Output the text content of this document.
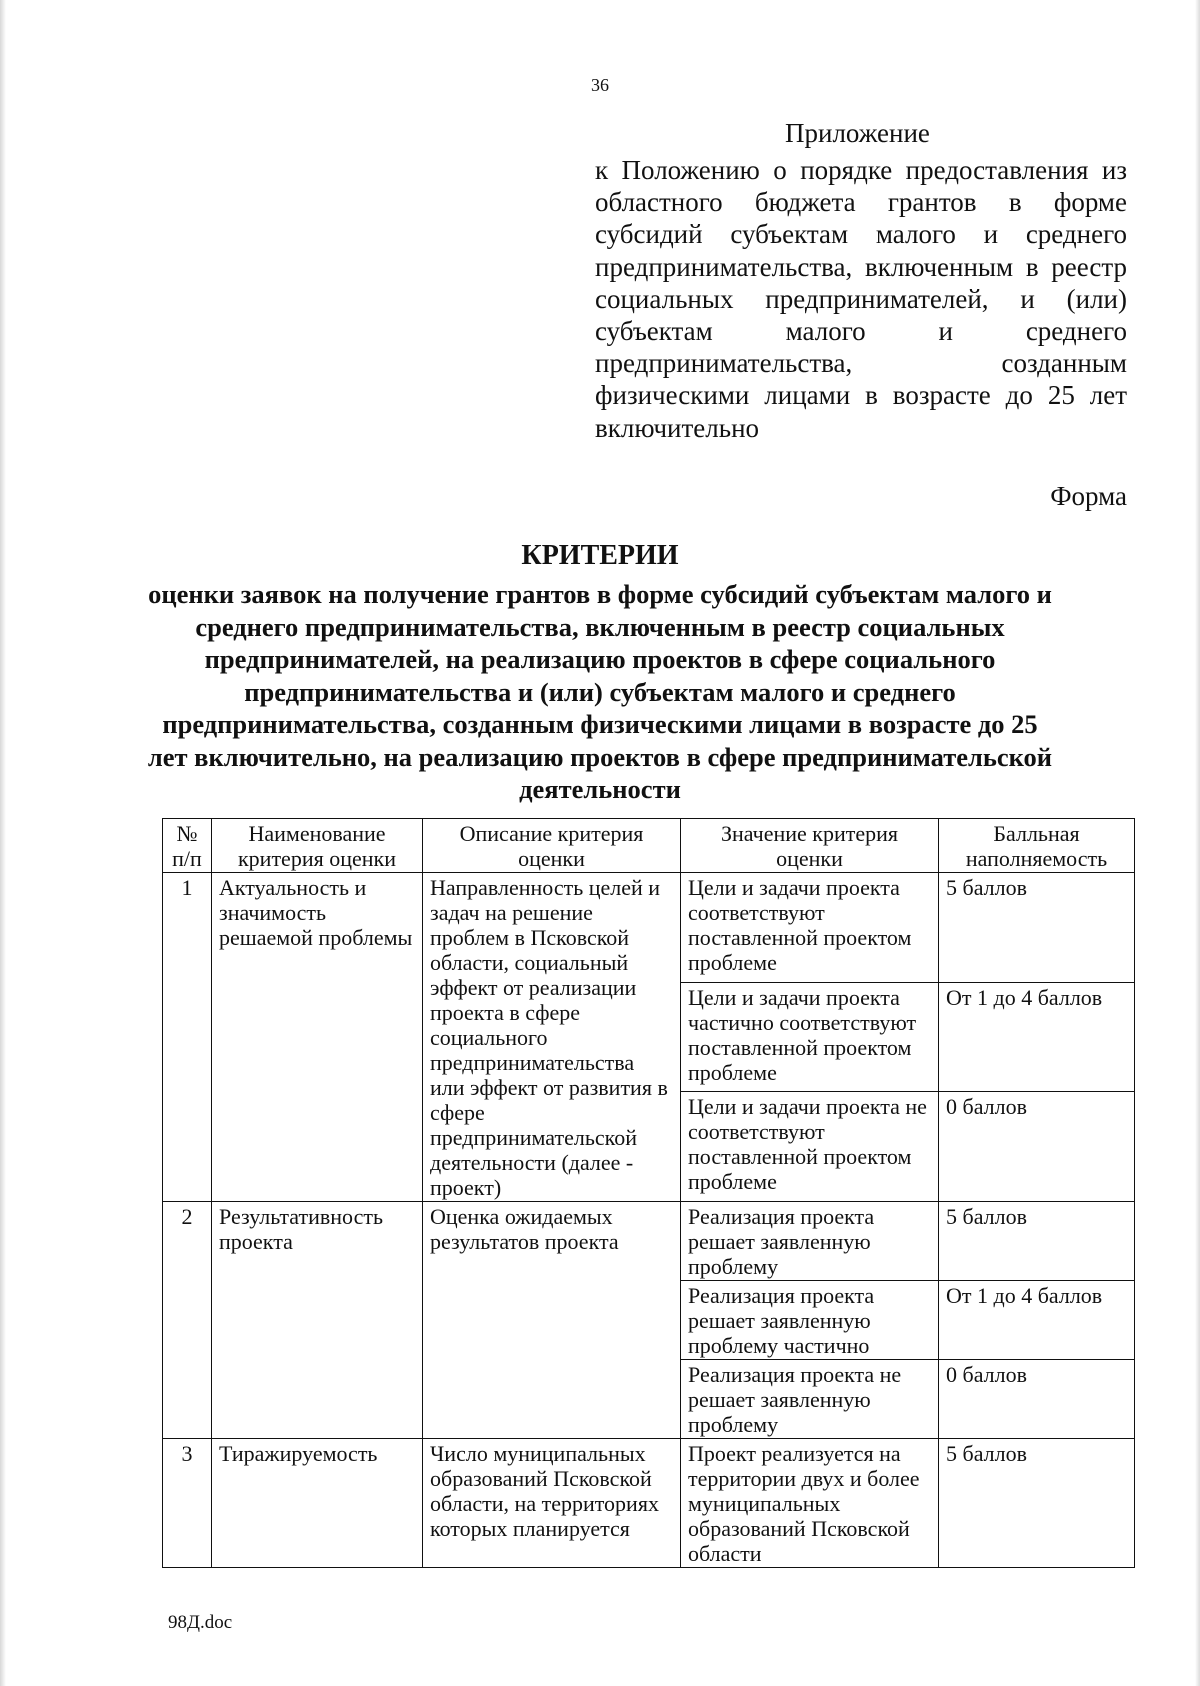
36
Приложение
к Положению о порядке предоставления из областного бюджета грантов в форме субсидий субъектам малого и среднего предпринимательства, включенным в реестр социальных предпринимателей, и (или) субъектам малого и среднего предпринимательства, созданным физическими лицами в возрасте до 25 лет включительно
Форма
КРИТЕРИИ
оценки заявок на получение грантов в форме субсидий субъектам малого и среднего предпринимательства, включенным в реестр социальных предпринимателей, на реализацию проектов в сфере социального предпринимательства и (или) субъектам малого и среднего предпринимательства, созданным физическими лицами в возрасте до 25 лет включительно, на реализацию проектов в сфере предпринимательской деятельности
№ п/п	Наименование критерия оценки	Описание критерия оценки	Значение критерия оценки	Балльная наполняемость
1	Актуальность и значимость решаемой проблемы	Направленность целей и задач на решение проблем в Псковской области, социальный эффект от реализации проекта в сфере социального предпринимательства или эффект от развития в сфере предпринимательской деятельности (далее - проект)	Цели и задачи проекта соответствуют поставленной проектом проблеме	5 баллов
			Цели и задачи проекта частично соответствуют поставленной проектом проблеме	От 1 до 4 баллов
			Цели и задачи проекта не соответствуют поставленной проектом проблеме	0 баллов
2	Результативность проекта	Оценка ожидаемых результатов проекта	Реализация проекта решает заявленную проблему	5 баллов
			Реализация проекта решает заявленную проблему частично	От 1 до 4 баллов
			Реализация проекта не решает заявленную проблему	0 баллов
3	Тиражируемость	Число муниципальных образований Псковской области, на территориях которых планируется	Проект реализуется на территории двух и более муниципальных образований Псковской области	5 баллов
98Д.doc
